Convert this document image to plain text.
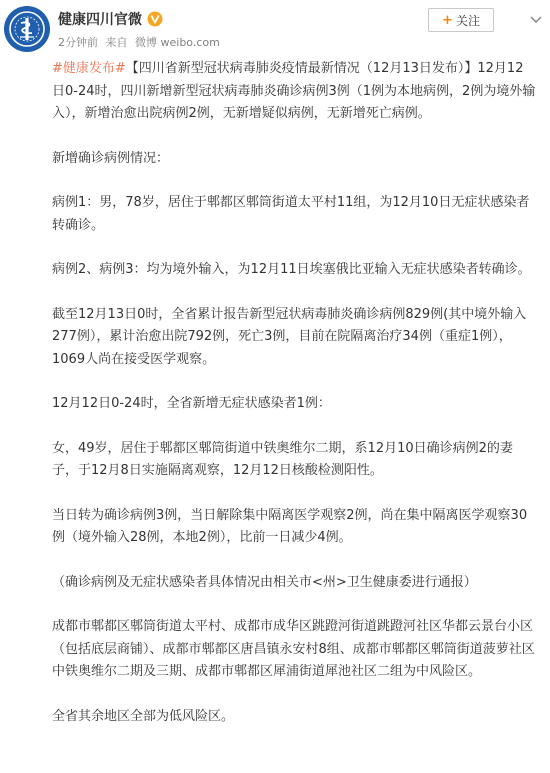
健康四川官微
2分钟前 来自 微博 weibo.com
+ 关注

#健康发布#【四川省新型冠状病毒肺炎疫情最新情况（12月13日发布）】12月12日0-24时，四川新增新型冠状病毒肺炎确诊病例3例（1例为本地病例，2例为境外输入），新增治愈出院病例2例，无新增疑似病例，无新增死亡病例。

新增确诊病例情况：

病例1：男，78岁，居住于郫都区郫筒街道太平村11组，为12月10日无症状感染者转确诊。

病例2、病例3：均为境外输入，为12月11日埃塞俄比亚输入无症状感染者转确诊。

截至12月13日0时，全省累计报告新型冠状病毒肺炎确诊病例829例(其中境外输入277例），累计治愈出院792例，死亡3例，目前在院隔离治疗34例（重症1例），1069人尚在接受医学观察。

12月12日0-24时，全省新增无症状感染者1例：

女，49岁，居住于郫都区郫筒街道中铁奥维尔二期，系12月10日确诊病例2的妻子，于12月8日实施隔离观察，12月12日核酸检测阳性。

当日转为确诊病例3例，当日解除集中隔离医学观察2例，尚在集中隔离医学观察30例（境外输入28例，本地2例），比前一日减少4例。

（确诊病例及无症状感染者具体情况由相关市<州>卫生健康委进行通报）

成都市郫都区郫筒街道太平村、成都市成华区跳蹬河街道跳蹬河社区华都云景台小区（包括底层商铺）、成都市郫都区唐昌镇永安村8组、成都市郫都区郫筒街道菠萝社区中铁奥维尔二期及三期、成都市郫都区犀浦街道犀池社区二组为中风险区。

全省其余地区全部为低风险区。
